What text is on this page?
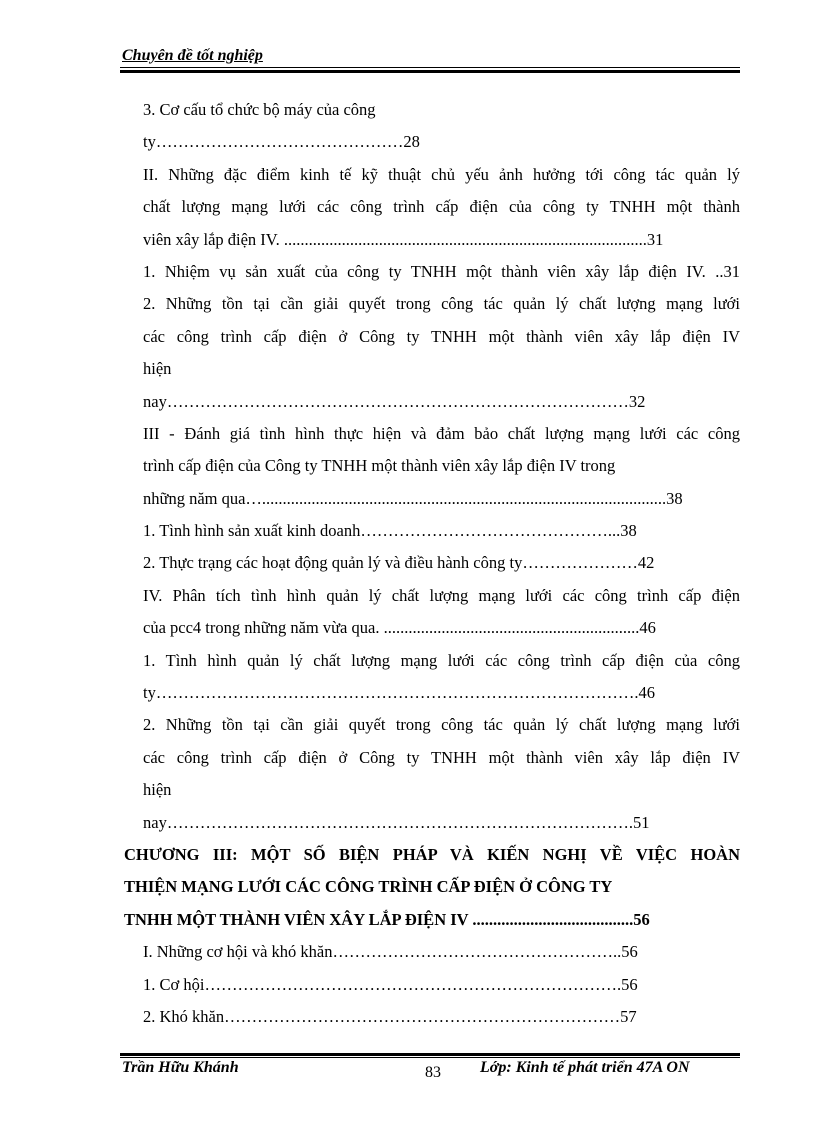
Chuyên đề tốt nghiệp
3. Cơ cấu tổ chức bộ máy của công
ty………………………………………28
II. Những đặc điểm kinh tế kỹ thuật chủ yếu ảnh hưởng tới công tác quản lý
chất lượng mạng lưới các công trình cấp điện của công ty TNHH một thành
viên xây lắp điện IV. ........................................................................................31
1. Nhiệm vụ sản xuất của công ty TNHH một thành viên xây lắp điện IV. ..31
2. Những tồn tại cần giải quyết trong công tác quản lý chất lượng mạng lưới
các công trình cấp điện ở Công ty TNHH một thành viên xây lắp điện IV
hiện
nay…………………………………………………………………………32
III - Đánh giá tình hình thực hiện và đảm bảo chất lượng mạng lưới các công
trình cấp điện của Công ty TNHH một thành viên xây lắp điện IV trong
những năm qua…..................................................................................................38
1. Tình hình sản xuất kinh doanh………………………………………...38
2. Thực trạng các hoạt động quản lý và điều hành công ty…………………42
IV. Phân tích tình hình quản lý chất lượng mạng lưới các công trình cấp điện
của pcc4 trong những năm vừa qua. ..............................................................46
1. Tình hình quản lý chất lượng mạng lưới các công trình cấp điện của công
ty…………………………………………………………………………….46
2. Những tồn tại cần giải quyết trong công tác quản lý chất lượng mạng lưới
các công trình cấp điện ở Công ty TNHH một thành viên xây lắp điện IV
hiện
nay………………………………………………………………………….51
CHƯƠNG III: MỘT SỐ BIỆN PHÁP VÀ KIẾN NGHỊ VỀ VIỆC HOÀN
THIỆN MẠNG LƯỚI CÁC CÔNG TRÌNH CẤP ĐIỆN Ở CÔNG TY
TNHH MỘT THÀNH VIÊN XÂY LẮP ĐIỆN IV .......................................56
I. Những cơ hội và khó khăn……………………………………………..56
1. Cơ hội………………………………………………………………….56
2. Khó khăn………………………………………………………………57
Trần Hữu Khánh	83 Lớp: Kinh tế phát triển 47A ON
